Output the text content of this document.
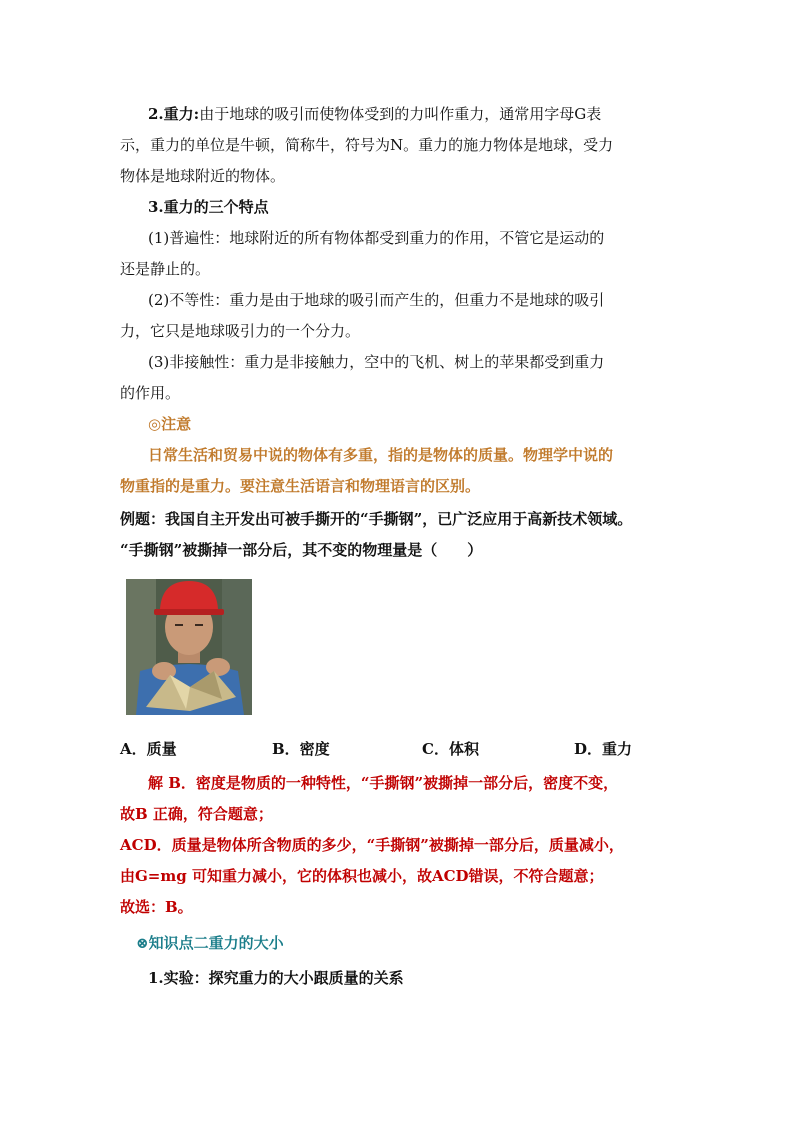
2.重力:由于地球的吸引而使物体受到的力叫作重力，通常用字母G表
示，重力的单位是牛顿，简称牛，符号为N。重力的施力物体是地球，受力
物体是地球附近的物体。
3.重力的三个特点
(1)普遍性：地球附近的所有物体都受到重力的作用，不管它是运动的
还是静止的。
(2)不等性：重力是由于地球的吸引而产生的，但重力不是地球的吸引
力，它只是地球吸引力的一个分力。
(3)非接触性：重力是非接触力，空中的飞机、树上的苹果都受到重力
的作用。
◎注意
日常生活和贸易中说的物体有多重，指的是物体的质量。物理学中说的
物重指的是重力。要注意生活语言和物理语言的区别。
例题：我国自主开发出可被手撕开的“手撕钢”，已广泛应用于高新技术领域。
“手撕钢”被撕掉一部分后，其不变的物理量是（　　）
A．质量	B．密度	C．体积	D．重力
解 B．密度是物质的一种特性，“手撕钢”被撕掉一部分后，密度不变，
故B 正确，符合题意；
ACD．质量是物体所含物质的多少，“手撕钢”被撕掉一部分后，质量减小，
由G=mg 可知重力减小，它的体积也减小，故ACD错误，不符合题意；
故选：B。
⊗知识点二重力的大小
1.实验：探究重力的大小跟质量的关系
